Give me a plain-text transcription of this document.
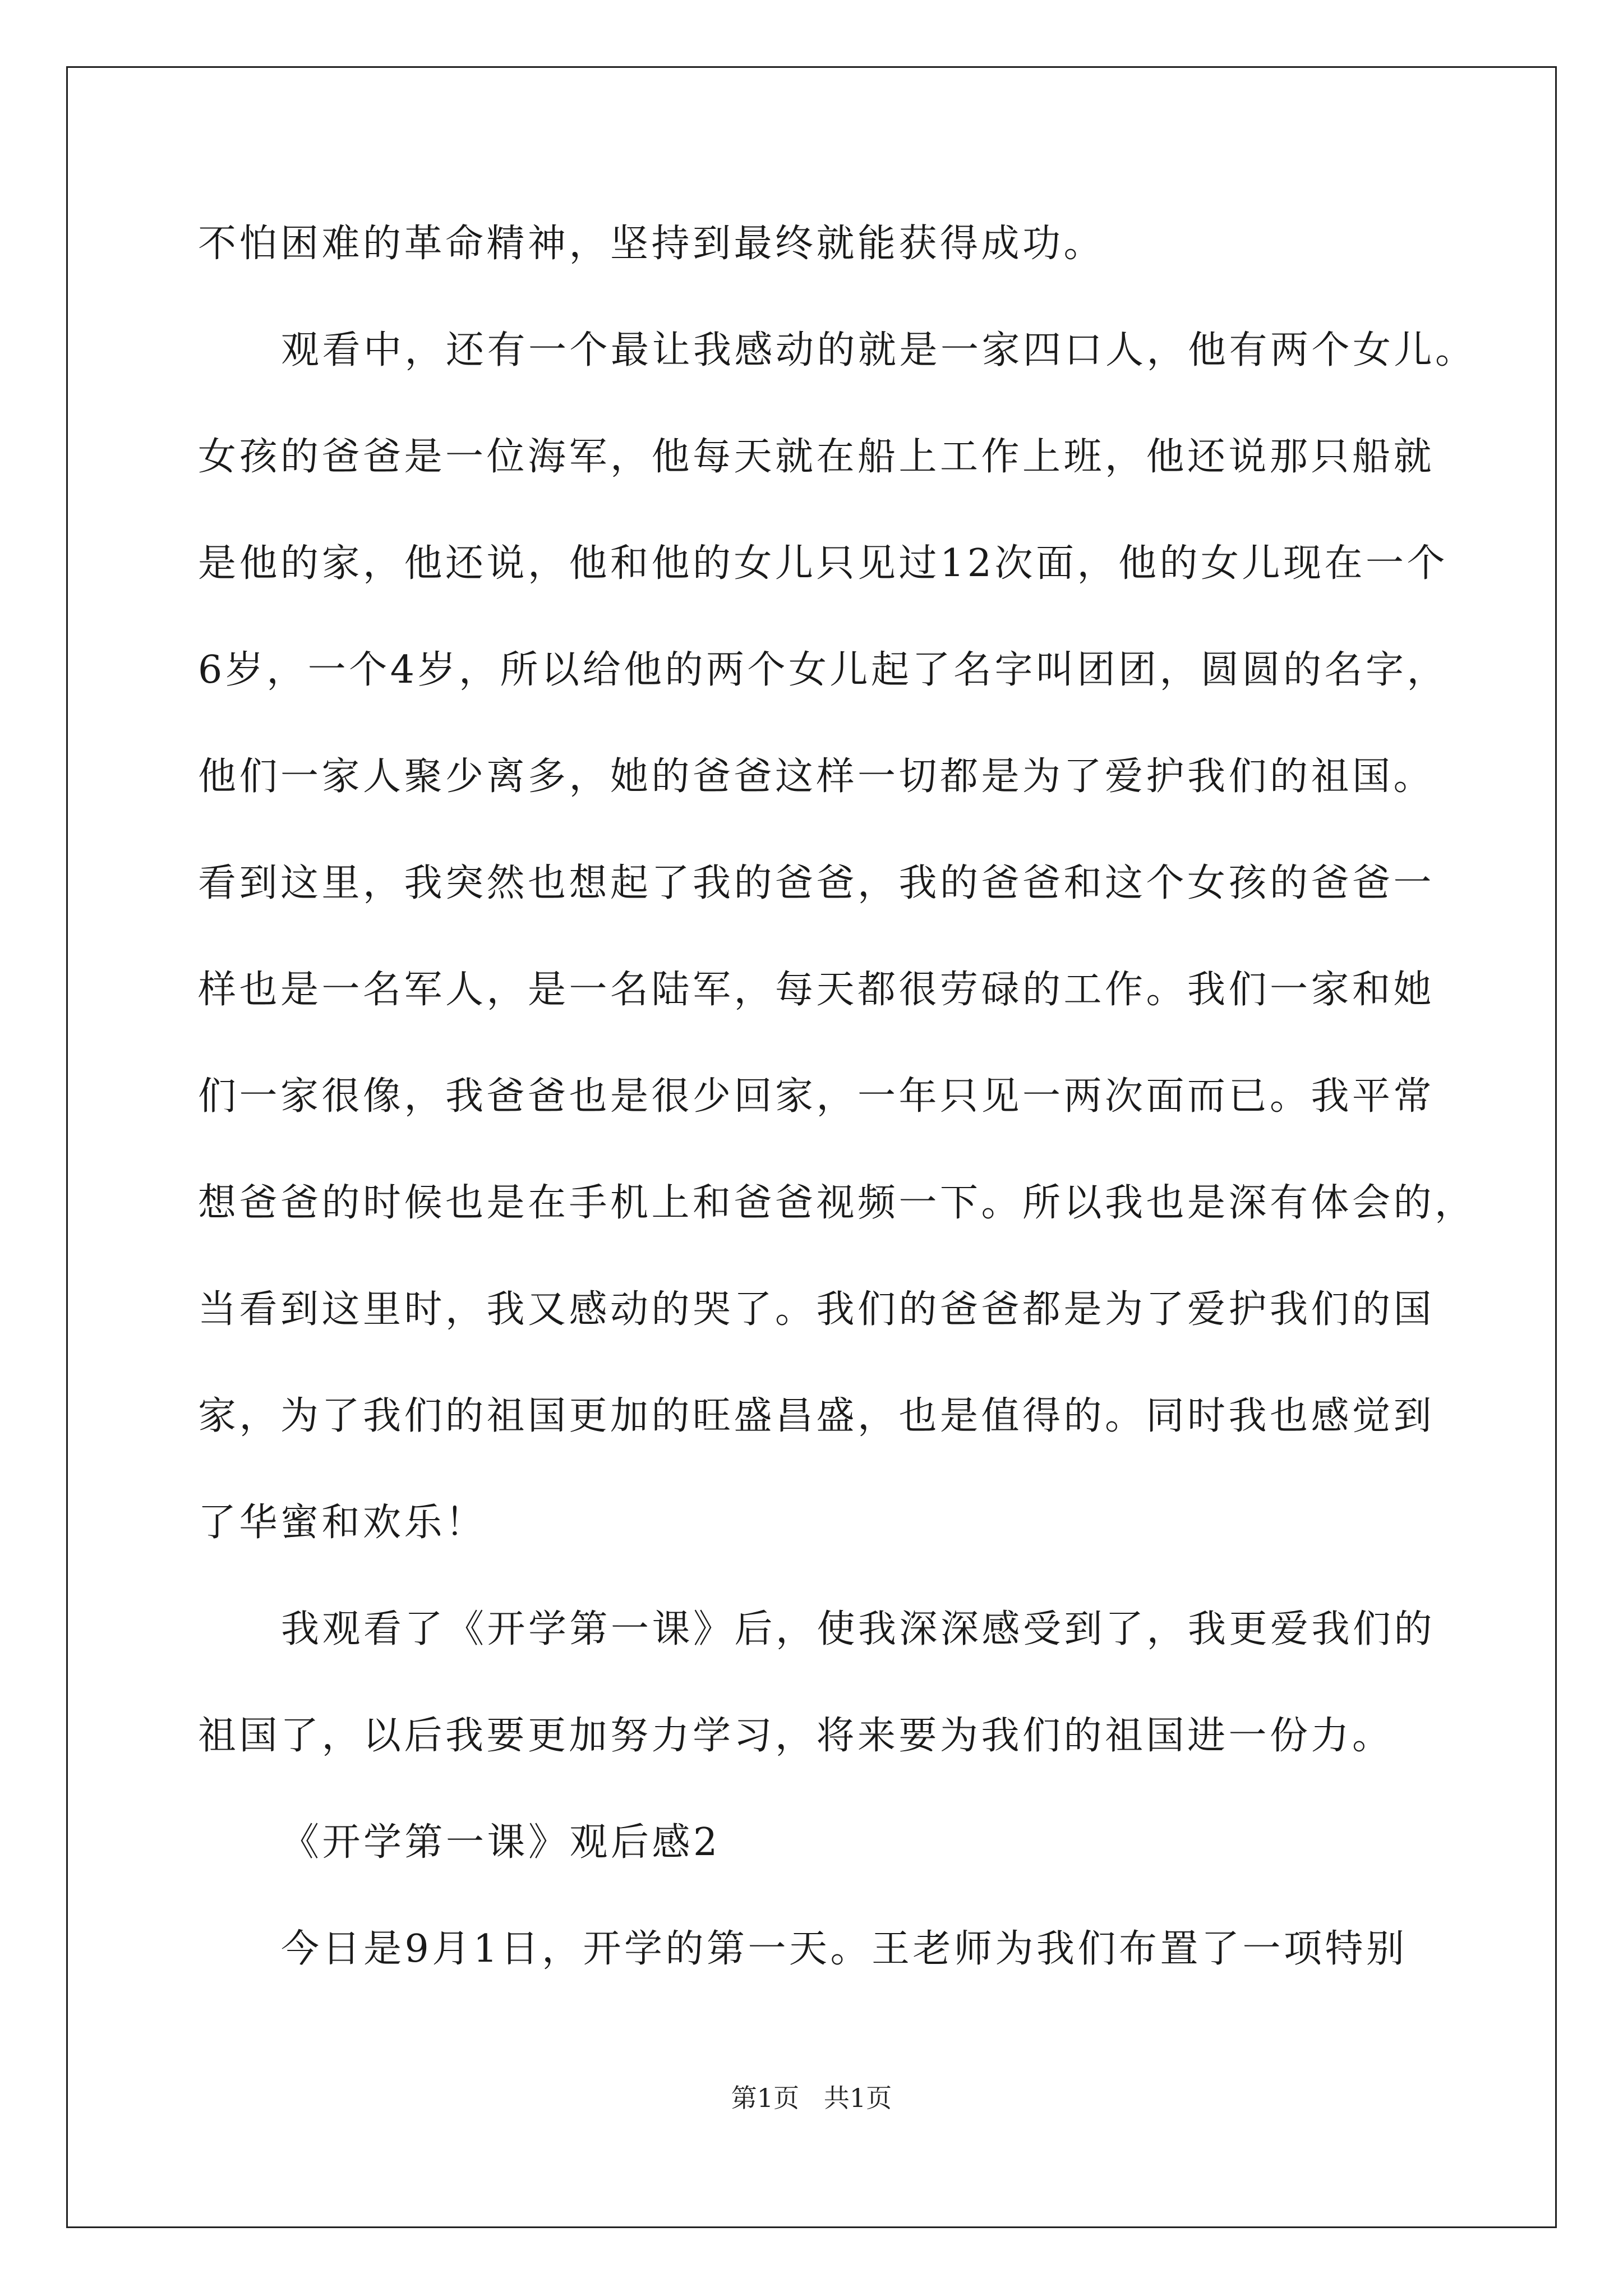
不怕困难的革命精神，坚持到最终就能获得成功。
观看中，还有一个最让我感动的就是一家四口人，他有两个女儿。
女孩的爸爸是一位海军，他每天就在船上工作上班，他还说那只船就
是他的家，他还说，他和他的女儿只见过12次面，他的女儿现在一个
6岁，一个4岁，所以给他的两个女儿起了名字叫团团，圆圆的名字，
他们一家人聚少离多，她的爸爸这样一切都是为了爱护我们的祖国。
看到这里，我突然也想起了我的爸爸，我的爸爸和这个女孩的爸爸一
样也是一名军人，是一名陆军，每天都很劳碌的工作。我们一家和她
们一家很像，我爸爸也是很少回家，一年只见一两次面而已。我平常
想爸爸的时候也是在手机上和爸爸视频一下。所以我也是深有体会的，
当看到这里时，我又感动的哭了。我们的爸爸都是为了爱护我们的国
家，为了我们的祖国更加的旺盛昌盛，也是值得的。同时我也感觉到
了华蜜和欢乐！
我观看了《开学第一课》后，使我深深感受到了，我更爱我们的
祖国了，以后我要更加努力学习，将来要为我们的祖国进一份力。
《开学第一课》观后感2
今日是9月1日，开学的第一天。王老师为我们布置了一项特别
第1页   共1页
